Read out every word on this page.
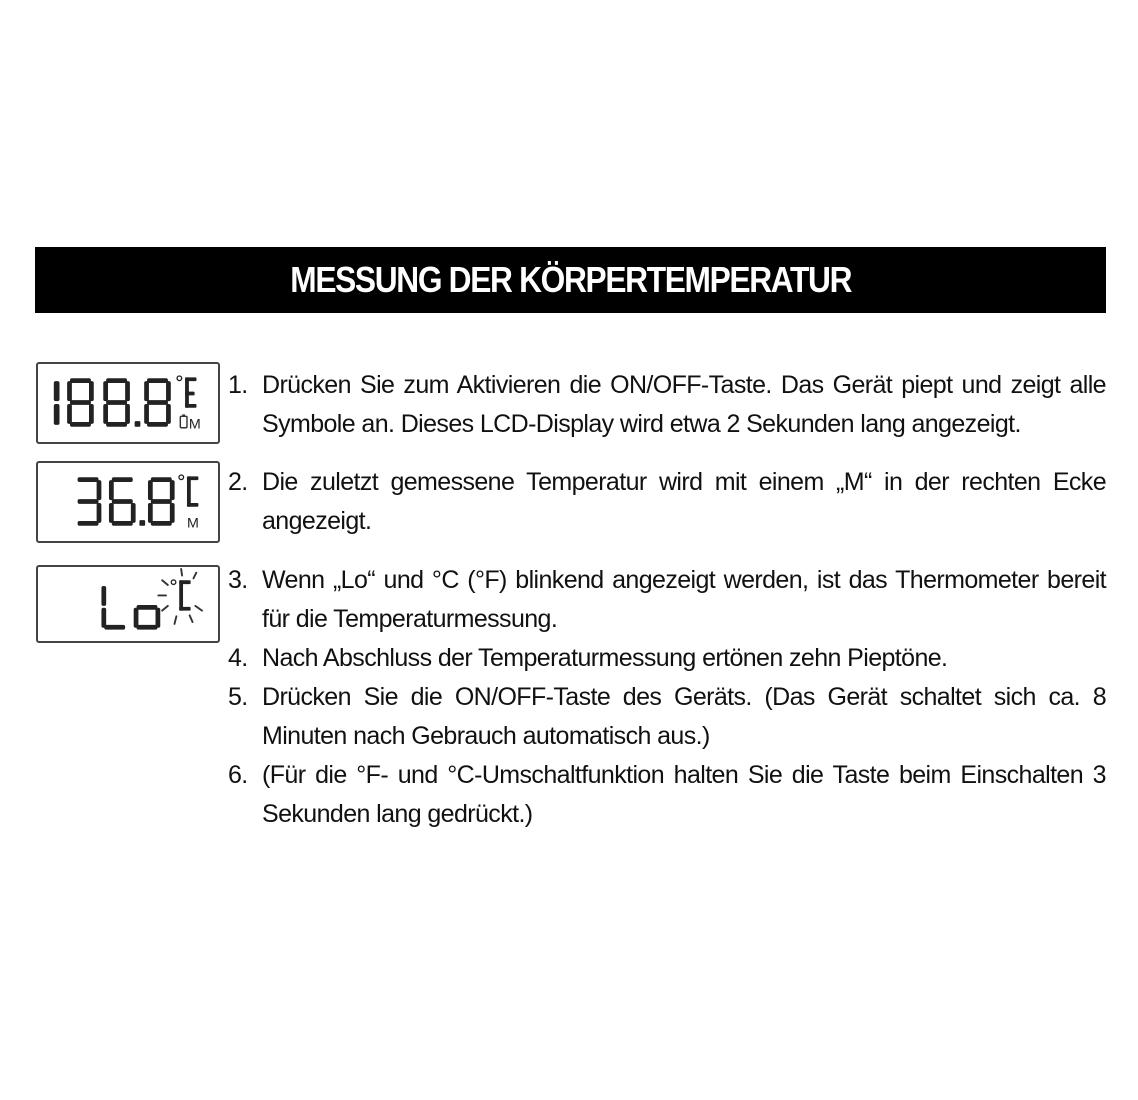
MESSUNG DER KÖRPERTEMPERATUR
M
M
1. Drücken Sie zum Aktivieren die ON/OFF-Taste. Das Gerät piept und zeigt alle Symbole an. Dieses LCD-Display wird etwa 2 Sekunden lang angezeigt.
2. Die zuletzt gemessene Temperatur wird mit einem „M“ in der rechten Ecke angezeigt.
3. Wenn „Lo“ und °C (°F) blinkend angezeigt werden, ist das Thermometer bereit für die Temperaturmessung.
4. Nach Abschluss der Temperaturmessung ertönen zehn Pieptöne.
5. Drücken Sie die ON/OFF-Taste des Geräts. (Das Gerät schaltet sich ca. 8 Minuten nach Gebrauch automatisch aus.)
6. (Für die °F- und °C-Umschaltfunktion halten Sie die Taste beim Einschalten 3 Sekunden lang gedrückt.)
